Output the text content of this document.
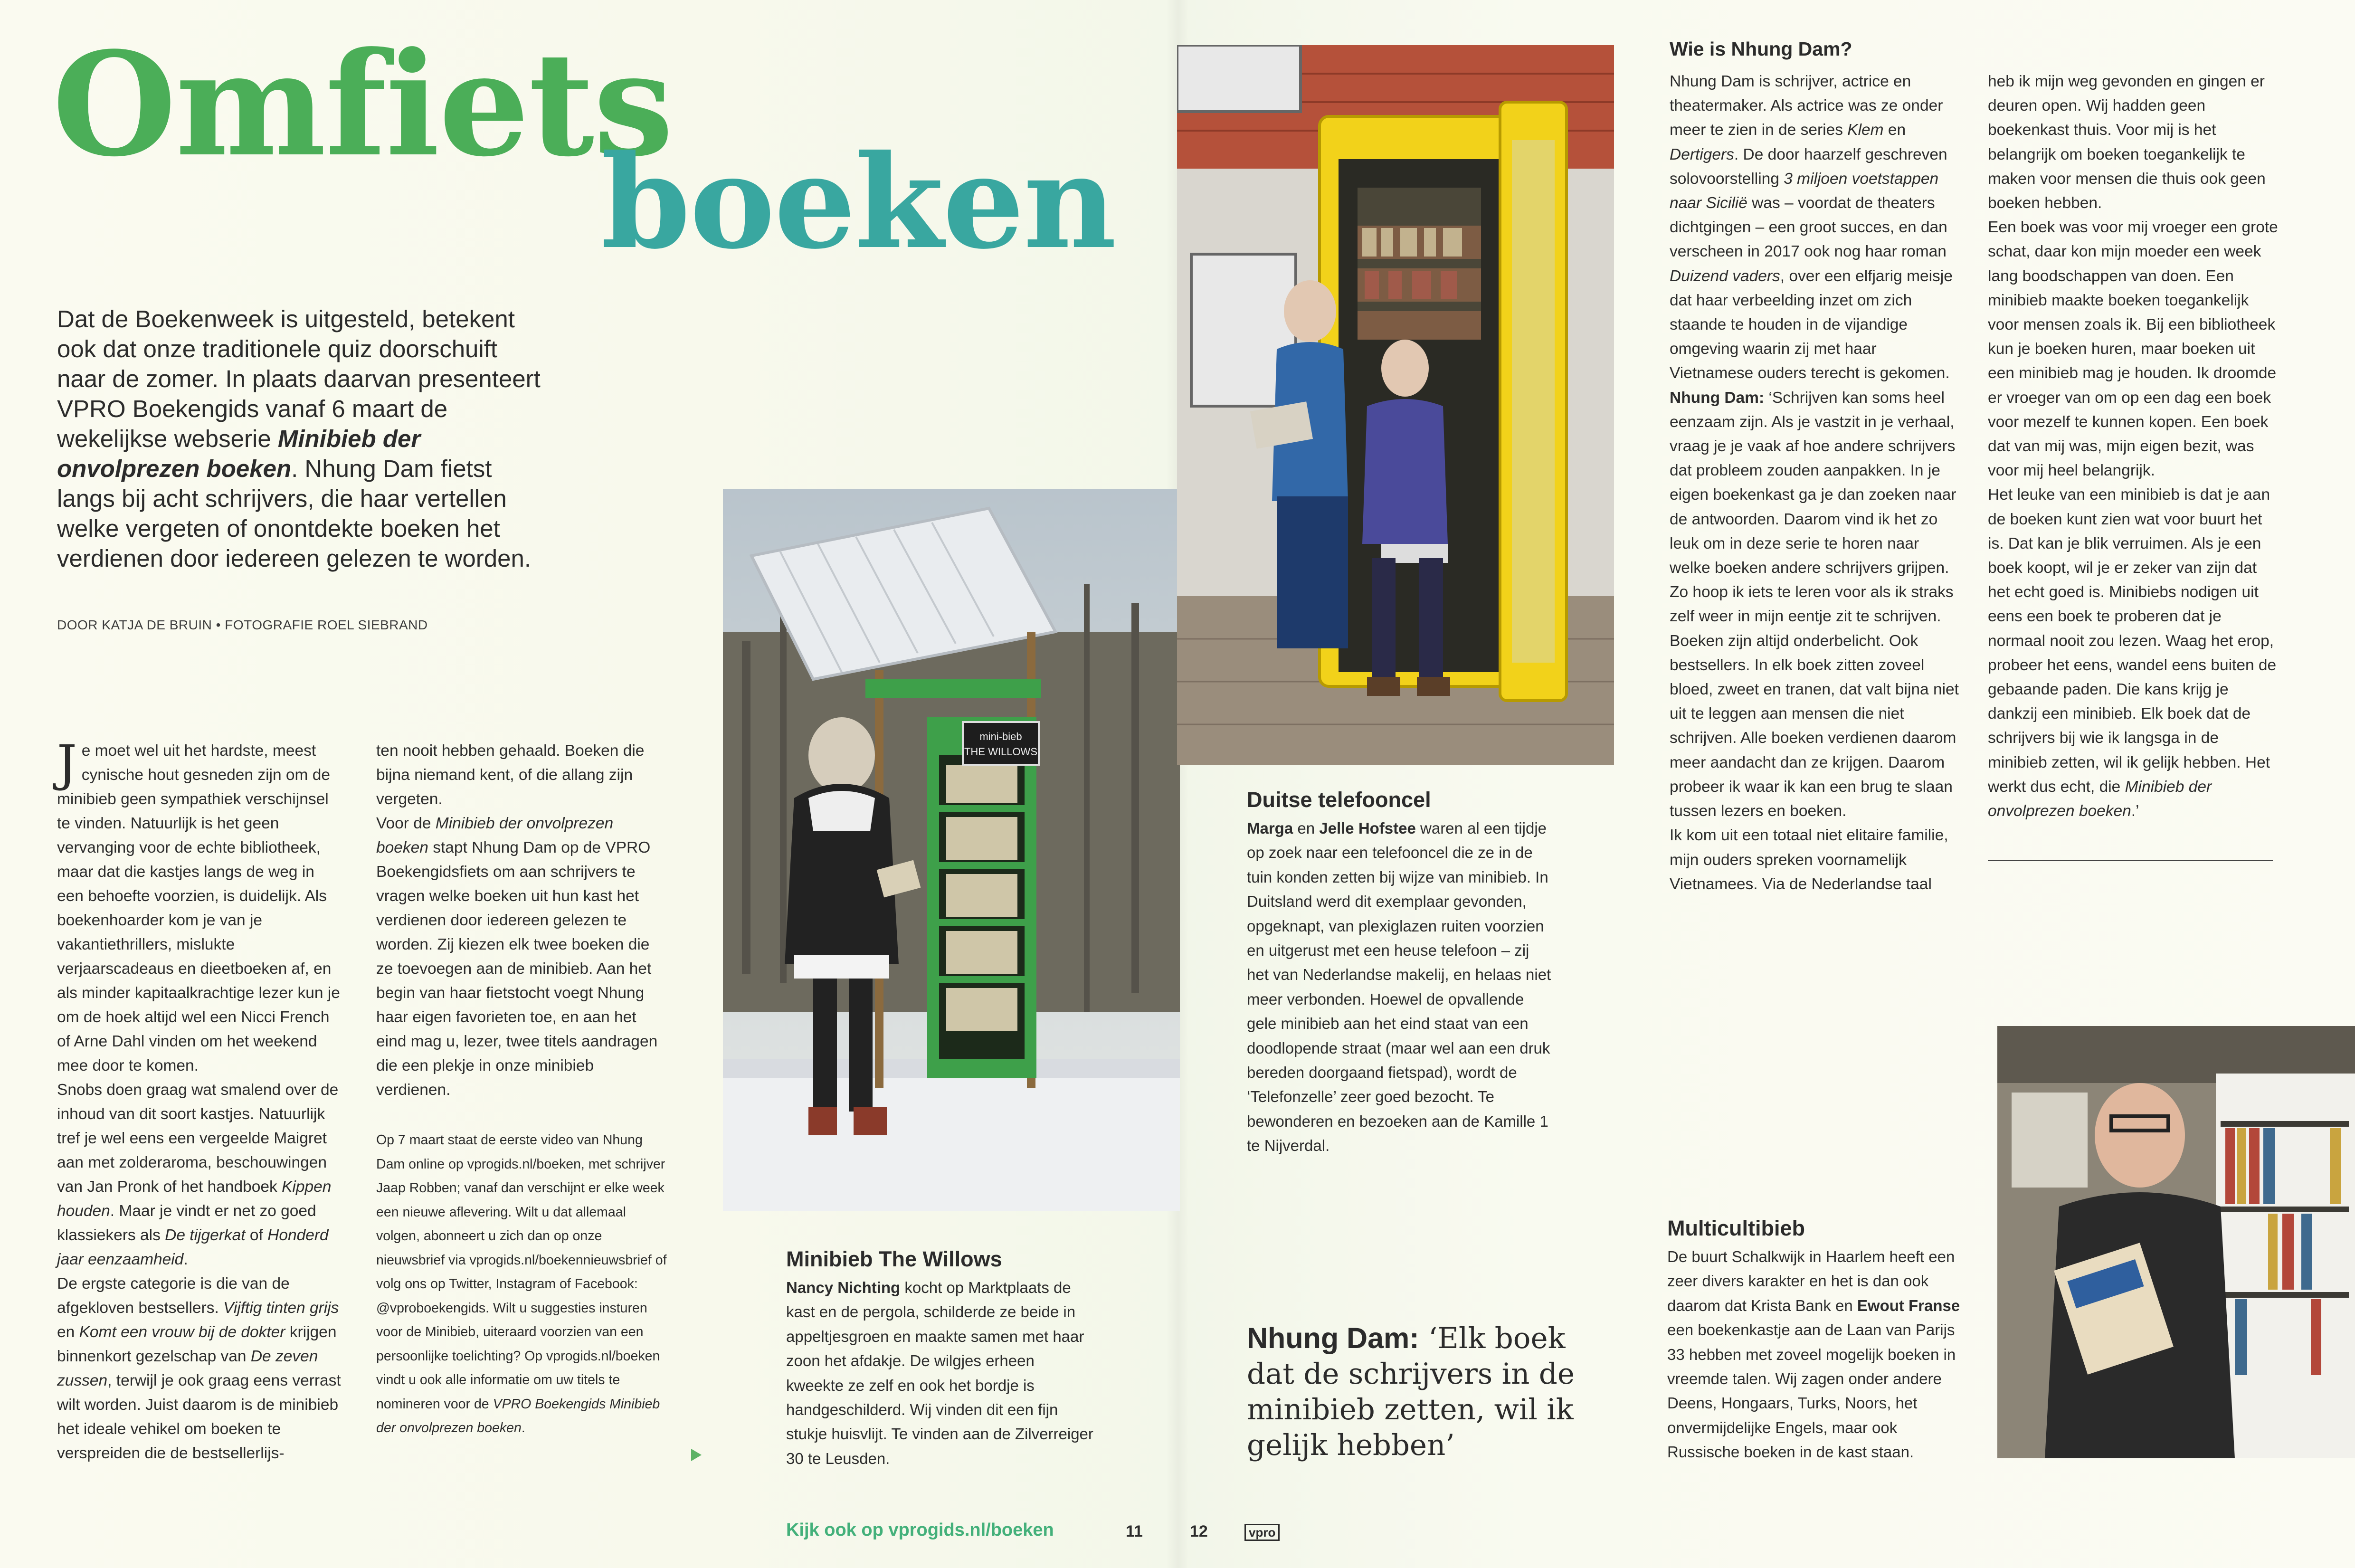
Omfiets
boeken
Dat de Boekenweek is uitgesteld, betekent ook dat onze traditionele quiz doorschuift naar de zomer. In plaats daarvan presenteert VPRO Boekengids vanaf 6 maart de wekelijkse webserie Minibieb der onvolprezen boeken. Nhung Dam fietst langs bij acht schrijvers, die haar vertellen welke vergeten of onontdekte boeken het verdienen door iedereen gelezen te worden.
DOOR KATJA DE BRUIN • FOTOGRAFIE ROEL SIEBRAND

Je moet wel uit het hardste, meest cynische hout gesneden zijn om de minibieb geen sympathiek verschijnsel te vinden. Natuurlijk is het geen vervanging voor de echte bibliotheek, maar dat die kastjes langs de weg in een behoefte voorzien, is duidelijk. Als boekenhoarder kom je van je vakantiethrillers, mislukte verjaarscadeaus en dieetboeken af, en als minder kapitaalkrachtige lezer kun je om de hoek altijd wel een Nicci French of Arne Dahl vinden om het weekend mee door te komen.

Snobs doen graag wat smalend over de inhoud van dit soort kastjes. Natuurlijk tref je wel eens een vergeelde Maigret aan met zolderaroma, beschouwingen van Jan Pronk of het handboek Kippen houden. Maar je vindt er net zo goed klassiekers als De tijgerkat of Honderd jaar eenzaamheid.

De ergste categorie is die van de afgekloven bestsellers. Vijftig tinten grijs en Komt een vrouw bij de dokter krijgen binnenkort gezelschap van De zeven zussen, terwijl je ook graag eens verrast wilt worden. Juist daarom is de minibieb het ideale vehikel om boeken te verspreiden die de bestsellerlijs-

ten nooit hebben gehaald. Boeken die bijna niemand kent, of die allang zijn vergeten.

Voor de Minibieb der onvolprezen boeken stapt Nhung Dam op de VPRO Boekengidsfiets om aan schrijvers te vragen welke boeken uit hun kast het verdienen door iedereen gelezen te worden. Zij kiezen elk twee boeken die ze toevoegen aan de minibieb. Aan het begin van haar fietstocht voegt Nhung haar eigen favorieten toe, en aan het eind mag u, lezer, twee titels aandragen die een plekje in onze minibieb verdienen.

Op 7 maart staat de eerste video van Nhung Dam online op vprogids.nl/boeken, met schrijver Jaap Robben; vanaf dan verschijnt er elke week een nieuwe aflevering. Wilt u dat allemaal volgen, abonneert u zich dan op onze nieuwsbrief via vprogids.nl/boekennieuwsbrief of volg ons op Twitter, Instagram of Facebook: @vproboekengids. Wilt u suggesties insturen voor de Minibieb, uiteraard voorzien van een persoonlijke toelichting? Op vprogids.nl/boeken vindt u ook alle informatie om uw titels te nomineren voor de VPRO Boekengids Minibieb der onvolprezen boeken.
mini-bieb
THE WILLOWS
Minibieb The Willows
Nancy Nichting kocht op Marktplaats de kast en de pergola, schilderde ze beide in appeltjesgroen en maakte samen met haar zoon het afdakje. De wilgjes erheen kweekte ze zelf en ook het bordje is handgeschilderd. Wij vinden dit een fijn stukje huisvlijt. Te vinden aan de Zilverreiger 30 te Leusden.
Duitse telefooncel
Marga en Jelle Hofstee waren al een tijdje op zoek naar een telefooncel die ze in de tuin konden zetten bij wijze van minibieb. In Duitsland werd dit exemplaar gevonden, opgeknapt, van plexiglazen ruiten voorzien en uitgerust met een heuse telefoon – zij het van Nederlandse makelij, en helaas niet meer verbonden. Hoewel de opvallende gele minibieb aan het eind staat van een doodlopende straat (maar wel aan een druk bereden doorgaand fietspad), wordt de ‘Telefonzelle’ zeer goed bezocht. Te bewonderen en bezoeken aan de Kamille 1 te Nijverdal.
Nhung Dam: ‘Elk boek dat de schrijvers in de minibieb zetten, wil ik gelijk hebben’
Wie is Nhung Dam?
Nhung Dam is schrijver, actrice en theatermaker. Als actrice was ze onder meer te zien in de series Klem en Dertigers. De door haarzelf geschreven solovoorstelling 3 miljoen voetstappen naar Sicilië was – voordat de theaters dichtgingen – een groot succes, en dan verscheen in 2017 ook nog haar roman Duizend vaders, over een elfjarig meisje dat haar verbeelding inzet om zich staande te houden in de vijandige omgeving waarin zij met haar Vietnamese ouders terecht is gekomen.
Nhung Dam: ‘Schrijven kan soms heel eenzaam zijn. Als je vastzit in je verhaal, vraag je je vaak af hoe andere schrijvers dat probleem zouden aanpakken. In je eigen boekenkast ga je dan zoeken naar de antwoorden. Daarom vind ik het zo leuk om in deze serie te horen naar welke boeken andere schrijvers grijpen. Zo hoop ik iets te leren voor als ik straks zelf weer in mijn eentje zit te schrijven.
Boeken zijn altijd onderbelicht. Ook bestsellers. In elk boek zitten zoveel bloed, zweet en tranen, dat valt bijna niet uit te leggen aan mensen die niet schrijven. Alle boeken verdienen daarom meer aandacht dan ze krijgen. Daarom probeer ik waar ik kan een brug te slaan tussen lezers en boeken.
Ik kom uit een totaal niet elitaire familie, mijn ouders spreken voornamelijk Vietnamees. Via de Nederlandse taal
heb ik mijn weg gevonden en gingen er deuren open. Wij hadden geen boekenkast thuis. Voor mij is het belangrijk om boeken toegankelijk te maken voor mensen die thuis ook geen boeken hebben.
Een boek was voor mij vroeger een grote schat, daar kon mijn moeder een week lang boodschappen van doen. Een minibieb maakte boeken toegankelijk voor mensen zoals ik. Bij een bibliotheek kun je boeken huren, maar boeken uit een minibieb mag je houden. Ik droomde er vroeger van om op een dag een boek voor mezelf te kunnen kopen. Een boek dat van mij was, mijn eigen bezit, was voor mij heel belangrijk.
Het leuke van een minibieb is dat je aan de boeken kunt zien wat voor buurt het is. Dat kan je blik verruimen. Als je een boek koopt, wil je er zeker van zijn dat het echt goed is. Minibiebs nodigen uit eens een boek te proberen dat je normaal nooit zou lezen. Waag het erop, probeer het eens, wandel eens buiten de gebaande paden. Die kans krijg je dankzij een minibieb. Elk boek dat de schrijvers bij wie ik langsga in de minibieb zetten, wil ik gelijk hebben. Het werkt dus echt, die Minibieb der onvolprezen boeken.’
Multicultibieb
De buurt Schalkwijk in Haarlem heeft een zeer divers karakter en het is dan ook daarom dat Krista Bank en Ewout Franse een boekenkastje aan de Laan van Parijs 33 hebben met zoveel mogelijk boeken in vreemde talen. Wij zagen onder andere Deens, Hongaars, Turks, Noors, het onvermijdelijke Engels, maar ook Russische boeken in de kast staan.
Kijk ook op vprogids.nl/boeken	11	12	vpro
